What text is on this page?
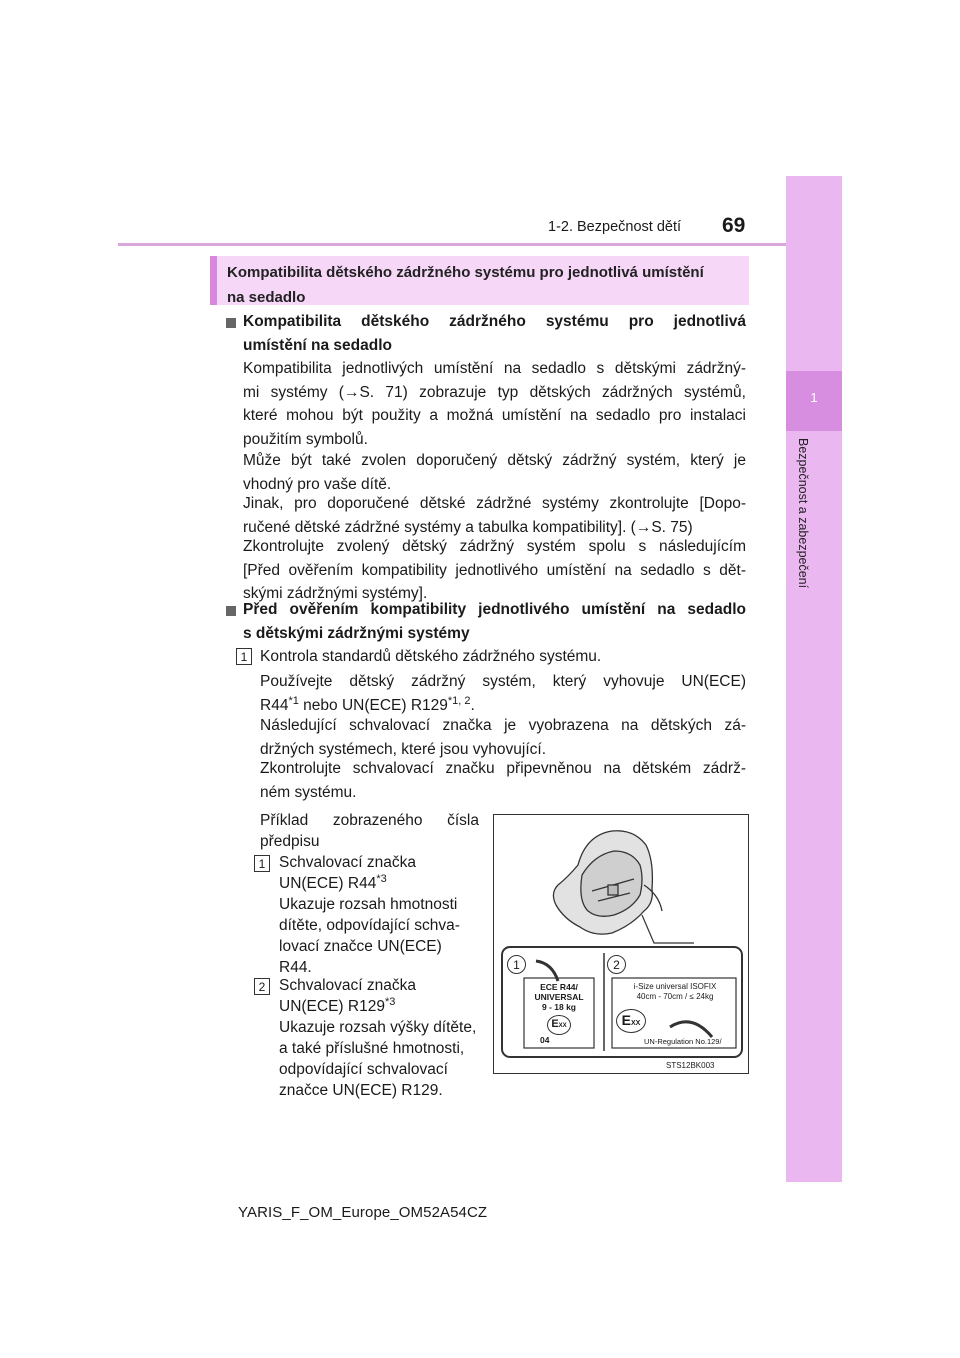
1-2. Bezpečnost dětí 69
1
Bezpečnost a zabezpečení
Kompatibilita dětského zádržného systému pro jednotlivá umístění
na sedadlo
Kompatibilita dětského zádržného systému pro jednotlivá
umístění na sedadlo
Kompatibilita jednotlivých umístění na sedadlo s dětskými zádržný-
mi systémy (→S. 71) zobrazuje typ dětských zádržných systémů,
které mohou být použity a možná umístění na sedadlo pro instalaci
použitím symbolů.
Může být také zvolen doporučený dětský zádržný systém, který je
vhodný pro vaše dítě.
Jinak, pro doporučené dětské zádržné systémy zkontrolujte [Dopo-
ručené dětské zádržné systémy a tabulka kompatibility]. (→S. 75)
Zkontrolujte zvolený dětský zádržný systém spolu s následujícím
[Před ověřením kompatibility jednotlivého umístění na sedadlo s dět-
skými zádržnými systémy].
Před ověřením kompatibility jednotlivého umístění na sedadlo
s dětskými zádržnými systémy
1 Kontrola standardů dětského zádržného systému.
Používejte dětský zádržný systém, který vyhovuje UN(ECE)
R44$^{*1}$ nebo UN(ECE) R129$^{*1, 2}$.
Následující schvalovací značka je vyobrazena na dětských zá-
držných systémech, které jsou vyhovující.
Zkontrolujte schvalovací značku připevněnou na dětském zádrž-
ném systému.
Příklad zobrazeného čísla
předpisu
1 Schvalovací značka
UN(ECE) R44$^{*3}$
Ukazuje rozsah hmotnosti
dítěte, odpovídající schva-
lovací značce UN(ECE)
R44.
2 Schvalovací značka
UN(ECE) R129$^{*3}$
Ukazuje rozsah výšky dítěte,
a také příslušné hmotnosti,
odpovídající schvalovací
značce UN(ECE) R129.
1	2
ECE R44/
UNIVERSAL
9 - 18 kg
EXX
04
i-Size universal ISOFIX
40cm - 70cm / ≤ 24kg
EXX
UN-Regulation No.129/
STS12BK003
YARIS_F_OM_Europe_OM52A54CZ
